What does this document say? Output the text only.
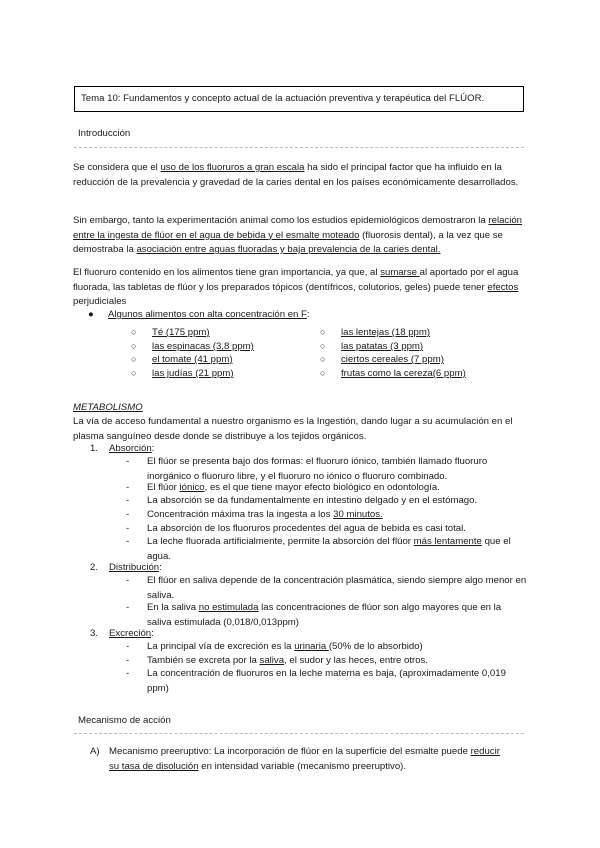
Tema 10: Fundamentos y concepto actual de la actuación preventiva y terapéutica del FLÚOR.
Introducción

Se considera que el uso de los fluoruros a gran escala ha sido el principal factor que ha influido en la reducción de la prevalencia y gravedad de la caries dental en los países económicamente desarrollados.

Sin embargo, tanto la experimentación animal como los estudios epidemiológicos demostraron la relación entre la ingesta de flúor en el agua de bebida y el esmalte moteado (fluorosis dental), a la vez que se demostraba la asociación entre aguas fluoradas y baja prevalencia de la caries dental.

El fluoruro contenido en los alimentos tiene gran importancia, ya que, al sumarse al aportado por el agua fluorada, las tabletas de flúor y los preparados tópicos (dentífricos, colutorios, geles) puede tener efectos perjudiciales

● Algunos alimentos con alta concentración en F:
○ Té (175 ppm)
○ las espinacas (3,8 ppm)
○ el tomate (41 ppm)
○ las judías (21 ppm)
○ las lentejas (18 ppm)
○ las patatas (3 ppm)
○ ciertos cereales (7 ppm)
○ frutas como la cereza(6 ppm)
METABOLISMO

La vía de acceso fundamental a nuestro organismo es la Ingestión, dando lugar a su acumulación en el plasma sanguíneo desde donde se distribuye a los tejidos orgánicos.

1. Absorción:
- El flúor se presenta bajo dos formas: el fluoruro iónico, también llamado fluoruro inorgánico o fluoruro libre, y el fluoruro no iónico o fluoruro combinado.
- El flúor iónico, es el que tiene mayor efecto biológico en odontología.
- La absorción se da fundamentalmente en intestino delgado y en el estómago.
- Concentración máxima tras la ingesta a los 30 minutos.
- La absorción de los fluoruros procedentes del agua de bebida es casi total.
- La leche fluorada artificialmente, permite la absorción del flúor más lentamente que el agua.
2. Distribución:
- El flúor en saliva depende de la concentración plasmática, siendo siempre algo menor en saliva.
- En la saliva no estimulada las concentraciones de flúor son algo mayores que en la saliva estimulada (0,018/0,013ppm)
3. Excreción:
- La principal vía de excreción es la urinaria (50% de lo absorbido)
- También se excreta por la saliva, el sudor y las heces, entre otros.
- La concentración de fluoruros en la leche materna es baja, (aproximadamente 0,019 ppm)
Mecanismo de acción
A) Mecanismo preeruptivo: La incorporación de flúor en la superficie del esmalte puede reducir su tasa de disolución en intensidad variable (mecanismo preeruptivo).
